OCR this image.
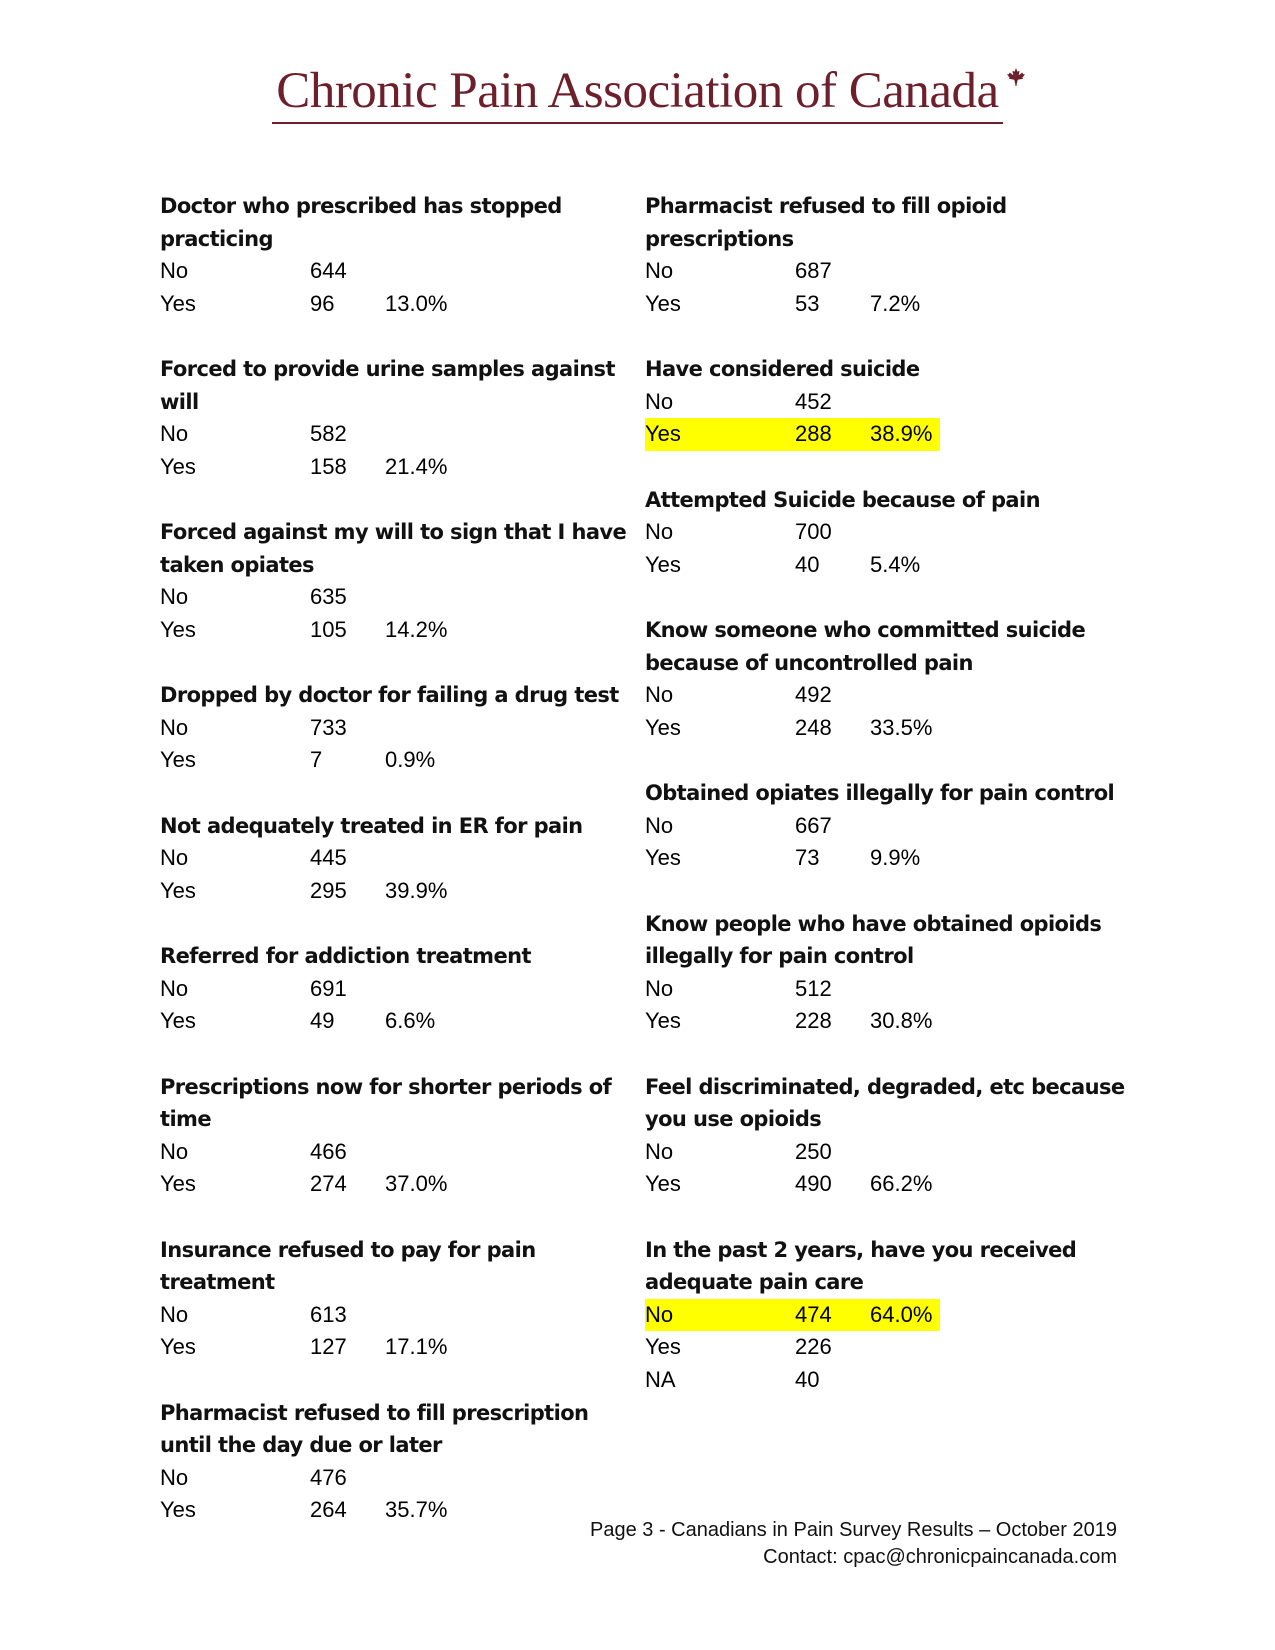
Chronic Pain Association of Canada
Doctor who prescribed has stopped practicing
No	644
Yes	96	13.0%
Forced to provide urine samples against will
No	582
Yes	158	21.4%
Forced against my will to sign that I have taken opiates
No	635
Yes	105	14.2%
Dropped by doctor for failing a drug test
No	733
Yes	7	0.9%
Not adequately treated in ER for pain
No	445
Yes	295	39.9%
Referred for addiction treatment
No	691
Yes	49	6.6%
Prescriptions now for shorter periods of time
No	466
Yes	274	37.0%
Insurance refused to pay for pain treatment
No	613
Yes	127	17.1%
Pharmacist refused to fill prescription until the day due or later
No	476
Yes	264	35.7%
Pharmacist refused to fill opioid prescriptions
No	687
Yes	53	7.2%
Have considered suicide
No	452
Yes	288	38.9%
Attempted Suicide because of pain
No	700
Yes	40	5.4%
Know someone who committed suicide because of uncontrolled pain
No	492
Yes	248	33.5%
Obtained opiates illegally for pain control
No	667
Yes	73	9.9%
Know people who have obtained opioids illegally for pain control
No	512
Yes	228	30.8%
Feel discriminated, degraded, etc because you use opioids
No	250
Yes	490	66.2%
In the past 2 years, have you received adequate pain care
No	474	64.0%
Yes	226
NA	40
Page 3 - Canadians in Pain Survey Results – October 2019
Contact: cpac@chronicpaincanada.com
